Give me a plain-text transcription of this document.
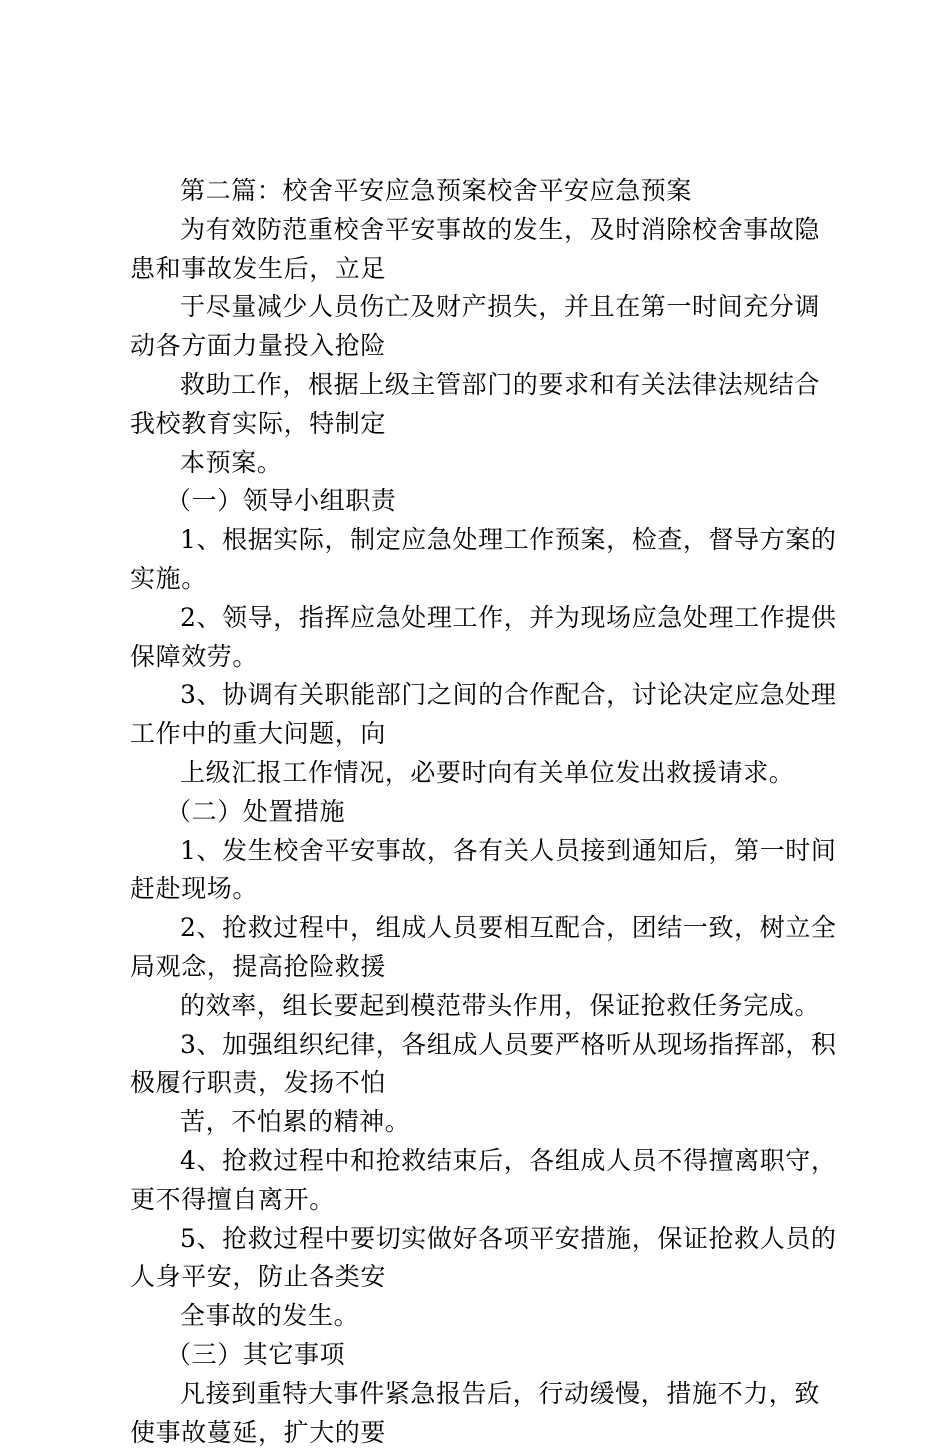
第二篇：校舍平安应急预案校舍平安应急预案
为有效防范重校舍平安事故的发生，及时消除校舍事故隐
患和事故发生后，立足
于尽量减少人员伤亡及财产损失，并且在第一时间充分调
动各方面力量投入抢险
救助工作，根据上级主管部门的要求和有关法律法规结合
我校教育实际，特制定
本预案。
（一）领导小组职责
1、根据实际，制定应急处理工作预案，检查，督导方案的
实施。
2、领导，指挥应急处理工作，并为现场应急处理工作提供
保障效劳。
3、协调有关职能部门之间的合作配合，讨论决定应急处理
工作中的重大问题，向
上级汇报工作情况，必要时向有关单位发出救援请求。
（二）处置措施
1、发生校舍平安事故，各有关人员接到通知后，第一时间
赶赴现场。
2、抢救过程中，组成人员要相互配合，团结一致，树立全
局观念，提高抢险救援
的效率，组长要起到模范带头作用，保证抢救任务完成。
3、加强组织纪律，各组成人员要严格听从现场指挥部，积
极履行职责，发扬不怕
苦，不怕累的精神。
4、抢救过程中和抢救结束后，各组成人员不得擅离职守，
更不得擅自离开。
5、抢救过程中要切实做好各项平安措施，保证抢救人员的
人身平安，防止各类安
全事故的发生。
（三）其它事项
凡接到重特大事件紧急报告后，行动缓慢，措施不力，致
使事故蔓延，扩大的要
